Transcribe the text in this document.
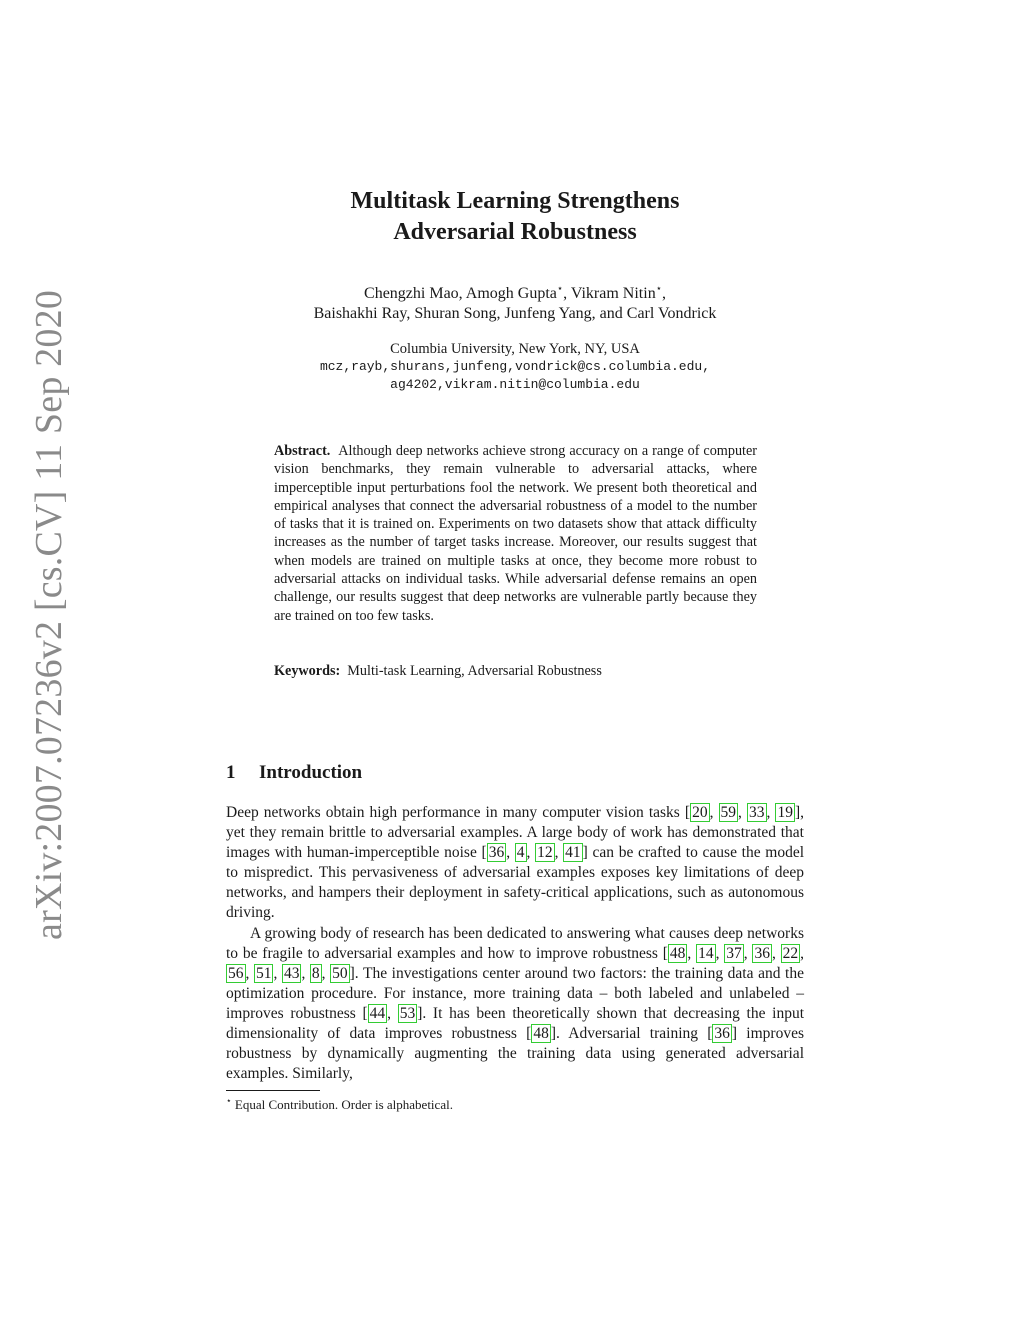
arXiv:2007.07236v2 [cs.CV] 11 Sep 2020
Multitask Learning Strengthens
Adversarial Robustness
Chengzhi Mao, Amogh Gupta⋆, Vikram Nitin⋆,
Baishakhi Ray, Shuran Song, Junfeng Yang, and Carl Vondrick
Columbia University, New York, NY, USA
mcz,rayb,shurans,junfeng,vondrick@cs.columbia.edu,
ag4202,vikram.nitin@columbia.edu

Abstract. Although deep networks achieve strong accuracy on a range of computer vision benchmarks, they remain vulnerable to adversarial attacks, where imperceptible input perturbations fool the network. We present both theoretical and empirical analyses that connect the adversarial robustness of a model to the number of tasks that it is trained on. Experiments on two datasets show that attack difficulty increases as the number of target tasks increase. Moreover, our results suggest that when models are trained on multiple tasks at once, they become more robust to adversarial attacks on individual tasks. While adversarial defense remains an open challenge, our results suggest that deep networks are vulnerable partly because they are trained on too few tasks.

Keywords: Multi-task Learning, Adversarial Robustness

1 Introduction

Deep networks obtain high performance in many computer vision tasks [ 20 , 59 , 33 , 19 ], yet they remain brittle to adversarial examples. A large body of work has demonstrated that images with human-imperceptible noise [ 36 , 4 , 12 , 41 ] can be crafted to cause the model to mispredict. This pervasiveness of adversarial examples exposes key limitations of deep networks, and hampers their deployment in safety-critical applications, such as autonomous driving.

A growing body of research has been dedicated to answering what causes deep networks to be fragile to adversarial examples and how to improve robustness [ 48 , 14 , 37 , 36 , 22 , 56 , 51 , 43 , 8 , 50 ]. The investigations center around two factors: the training data and the optimization procedure. For instance, more training data – both labeled and unlabeled – improves robustness [ 44 , 53 ]. It has been theoretically shown that decreasing the input dimensionality of data improves robustness [ 48 ]. Adversarial training [ 36 ] improves robustness by dynamically augmenting the training data using generated adversarial examples. Similarly,

⋆ Equal Contribution. Order is alphabetical.
